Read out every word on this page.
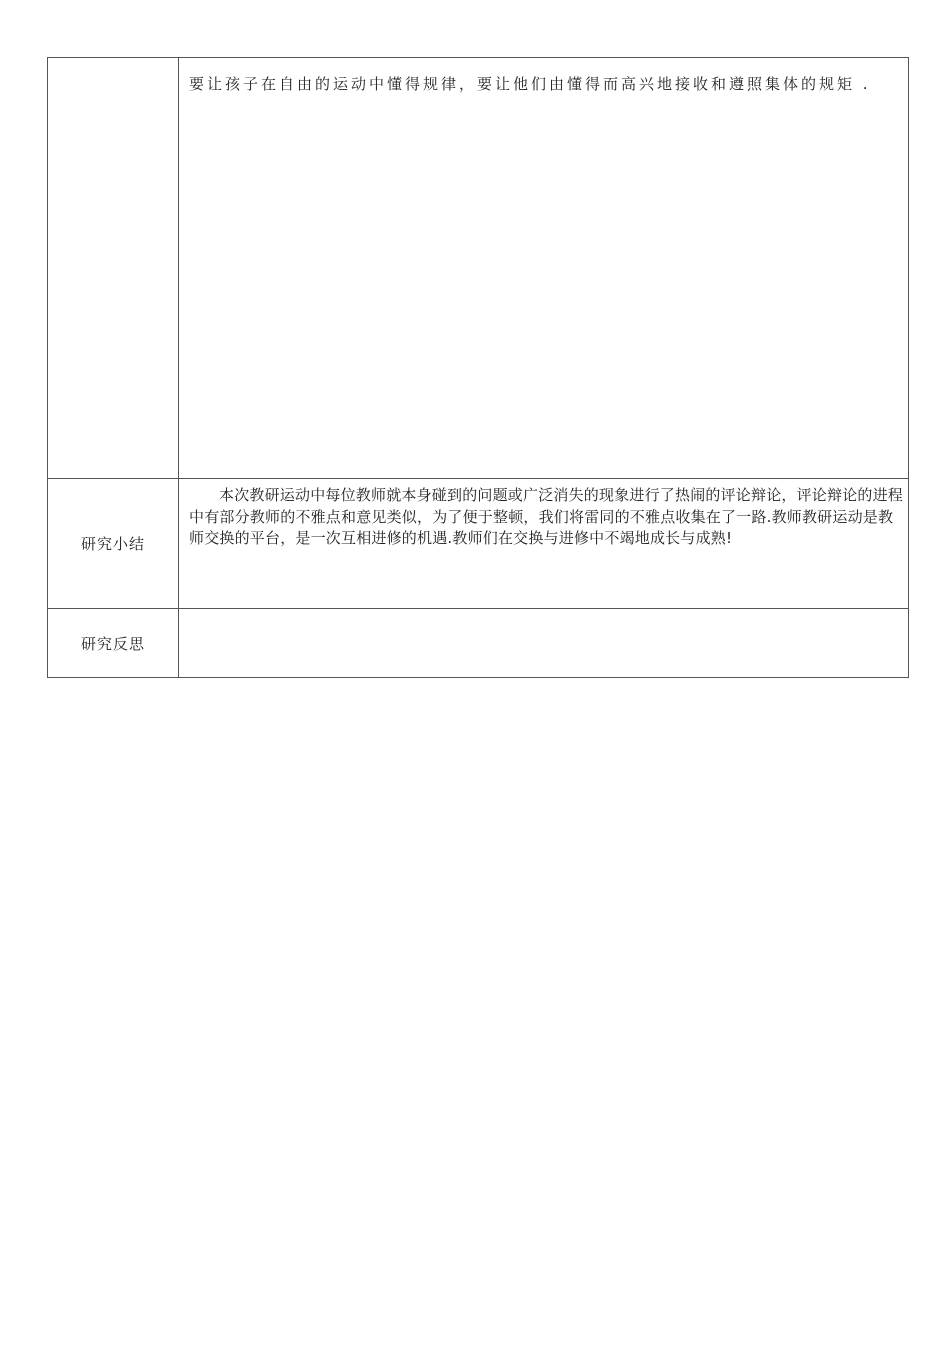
	要让孩子在自由的运动中懂得规律，要让他们由懂得而高兴地接收和遵照集体的规矩 .

研究小结	本次教研运动中每位教师就本身碰到的问题或广泛消失的现象进行了热闹的评论辩论，评论辩论的进程中有部分教师的不雅点和意见类似，为了便于整顿，我们将雷同的不雅点收集在了一路.教师教研运动是教师交换的平台，是一次互相进修的机遇.教师们在交换与进修中不竭地成长与成熟!

研究反思	
